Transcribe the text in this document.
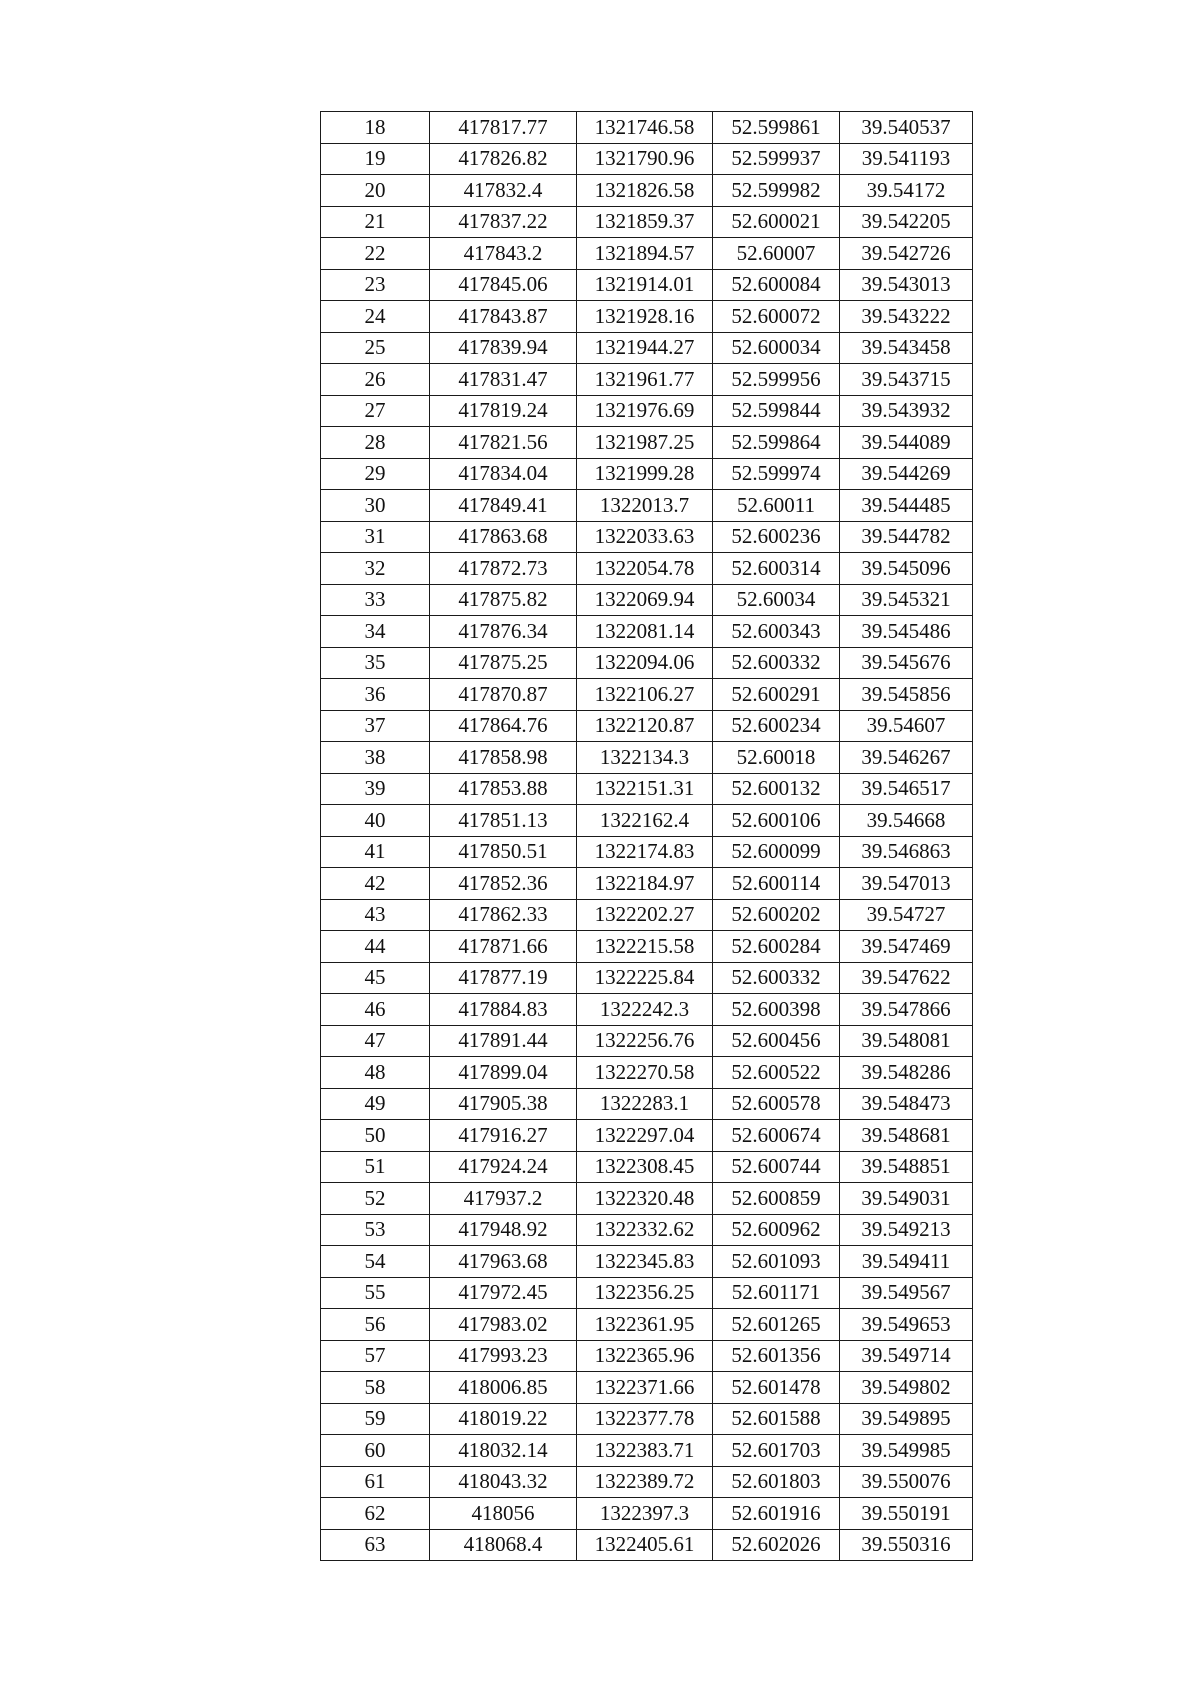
18	417817.77	1321746.58	52.599861	39.540537
19	417826.82	1321790.96	52.599937	39.541193
20	417832.4	1321826.58	52.599982	39.54172
21	417837.22	1321859.37	52.600021	39.542205
22	417843.2	1321894.57	52.60007	39.542726
23	417845.06	1321914.01	52.600084	39.543013
24	417843.87	1321928.16	52.600072	39.543222
25	417839.94	1321944.27	52.600034	39.543458
26	417831.47	1321961.77	52.599956	39.543715
27	417819.24	1321976.69	52.599844	39.543932
28	417821.56	1321987.25	52.599864	39.544089
29	417834.04	1321999.28	52.599974	39.544269
30	417849.41	1322013.7	52.60011	39.544485
31	417863.68	1322033.63	52.600236	39.544782
32	417872.73	1322054.78	52.600314	39.545096
33	417875.82	1322069.94	52.60034	39.545321
34	417876.34	1322081.14	52.600343	39.545486
35	417875.25	1322094.06	52.600332	39.545676
36	417870.87	1322106.27	52.600291	39.545856
37	417864.76	1322120.87	52.600234	39.54607
38	417858.98	1322134.3	52.60018	39.546267
39	417853.88	1322151.31	52.600132	39.546517
40	417851.13	1322162.4	52.600106	39.54668
41	417850.51	1322174.83	52.600099	39.546863
42	417852.36	1322184.97	52.600114	39.547013
43	417862.33	1322202.27	52.600202	39.54727
44	417871.66	1322215.58	52.600284	39.547469
45	417877.19	1322225.84	52.600332	39.547622
46	417884.83	1322242.3	52.600398	39.547866
47	417891.44	1322256.76	52.600456	39.548081
48	417899.04	1322270.58	52.600522	39.548286
49	417905.38	1322283.1	52.600578	39.548473
50	417916.27	1322297.04	52.600674	39.548681
51	417924.24	1322308.45	52.600744	39.548851
52	417937.2	1322320.48	52.600859	39.549031
53	417948.92	1322332.62	52.600962	39.549213
54	417963.68	1322345.83	52.601093	39.549411
55	417972.45	1322356.25	52.601171	39.549567
56	417983.02	1322361.95	52.601265	39.549653
57	417993.23	1322365.96	52.601356	39.549714
58	418006.85	1322371.66	52.601478	39.549802
59	418019.22	1322377.78	52.601588	39.549895
60	418032.14	1322383.71	52.601703	39.549985
61	418043.32	1322389.72	52.601803	39.550076
62	418056	1322397.3	52.601916	39.550191
63	418068.4	1322405.61	52.602026	39.550316
